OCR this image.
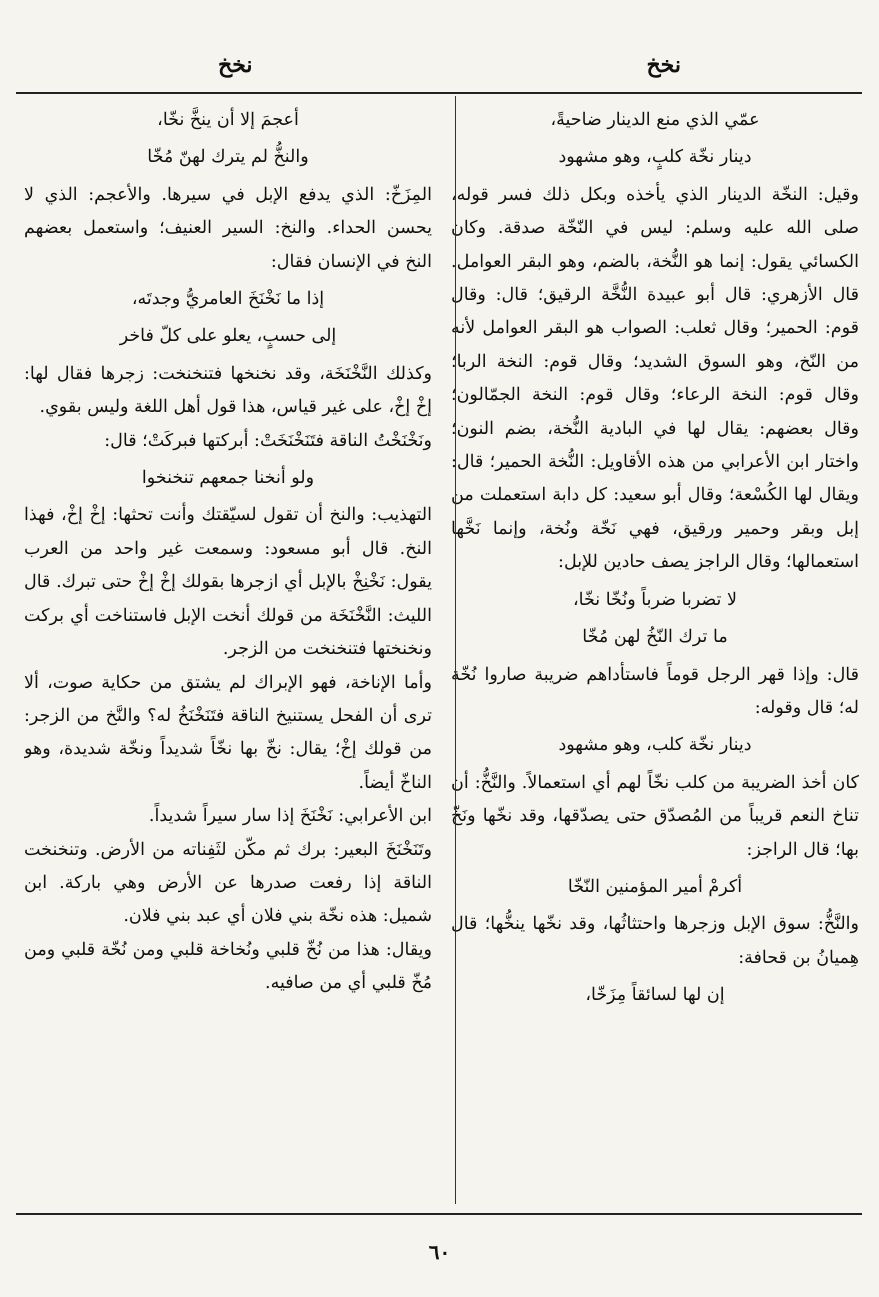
نخخ
نخخ

عمّي الذي منع الدينار ضاحيةً،

دينار نخّة كلبٍ، وهو مشهود

وقيل: النخّة الدينار الذي يأخذه وبكل ذلك فسر قوله، صلى الله عليه وسلم: ليس في النّخّة صدقة. وكان الكسائي يقول: إنما هو النُّخة، بالضم، وهو البقر العوامل. قال الأزهري: قال أبو عبيدة النُّخَّة الرقيق؛ قال: وقال قوم: الحمير؛ وقال ثعلب: الصواب هو البقر العوامل لأنه من النّخ، وهو السوق الشديد؛ وقال قوم: النخة الربا؛ وقال قوم: النخة الرعاء؛ وقال قوم: النخة الجمّالون؛ وقال بعضهم: يقال لها في البادية النُّخة، بضم النون؛ واختار ابن الأعرابي من هذه الأقاويل: النُّخة الحمير؛ قال: ويقال لها الكُسْعة؛ وقال أبو سعيد: كل دابة استعملت من إبل وبقر وحمير ورقيق، فهي نَخّة ونُخة، وإنما نَخَّها استعمالها؛ وقال الراجز يصف حادين للإبل:

لا تضربا ضرباً ونُخّا نخّا،

ما ترك النّخُ لهن مُخّا

قال: وإذا قهر الرجل قوماً فاستأداهم ضريبة صاروا نُخّة له؛ قال وقوله:

دينار نخّة كلب، وهو مشهود

كان أخذ الضريبة من كلب نخّاً لهم أي استعمالاً. والنَّخُّ: أن تناخ النعم قريباً من المُصدّق حتى يصدّقها، وقد نخّها ونَخّ بها؛ قال الراجز:

أكرمْ أمير المؤمنين النّخّا

والنَّخُّ: سوق الإبل وزجرها واحتثاثُها، وقد نخّها ينخُّها؛ قال هِميانُ بن قحافة:

إن لها لسائقاً مِزَخّا،

أعجمَ إلا أن ينخَّ نخّا،

والنخُّ لم يترك لهنّ مُخّا

المِزَخّ: الذي يدفع الإبل في سيرها. والأعجم: الذي لا يحسن الحداء. والنخ: السير العنيف؛ واستعمل بعضهم النخ في الإنسان فقال:

إذا ما نَخْنَخَ العامريُّ وجدتَه،

إلى حسبٍ، يعلو على كلّ فاخر

وكذلك النَّخْنَخَة، وقد نخنخها فتنخنخت: زجرها فقال لها: إخْ إخْ، على غير قياس، هذا قول أهل اللغة وليس بقوي.

ونَخْنَخْتُ الناقة فتَنَخْنَخَتْ: أبركتها فبركَتْ؛ قال:

ولو أنخنا جمعهم تنخنخوا

التهذيب: والنخ أن تقول لسيّقتك وأنت تحثها: إخْ إخْ، فهذا النخ. قال أبو مسعود: وسمعت غير واحد من العرب يقول: نَخْنِخْ بالإبل أي ازجرها بقولك إخْ إخْ حتى تبرك. قال الليث: النَّخْنَخَة من قولك أنخت الإبل فاستناخت أي بركت ونخنختها فتنخنخت من الزجر.

وأما الإناخة، فهو الإبراك لم يشتق من حكاية صوت، ألا ترى أن الفحل يستنيخ الناقة فتَنَخْنَخُ له؟ والنَّخ من الزجر: من قولك إخْ؛ يقال: نخّ بها نخّاً شديداً ونخّة شديدة، وهو الناخّ أيضاً.

ابن الأعرابي: نَخْنَخَ إذا سار سيراً شديداً.

وتَنَخْنَخَ البعير: برك ثم مكّن لثَفِناته من الأرض. وتنخنخت الناقة إذا رفعت صدرها عن الأرض وهي باركة. ابن شميل: هذه نخّة بني فلان أي عبد بني فلان.

ويقال: هذا من نُخّ قلبي ونُخاخة قلبي ومن نُخّة قلبي ومن مُخّ قلبي أي من صافيه.

٦٠
